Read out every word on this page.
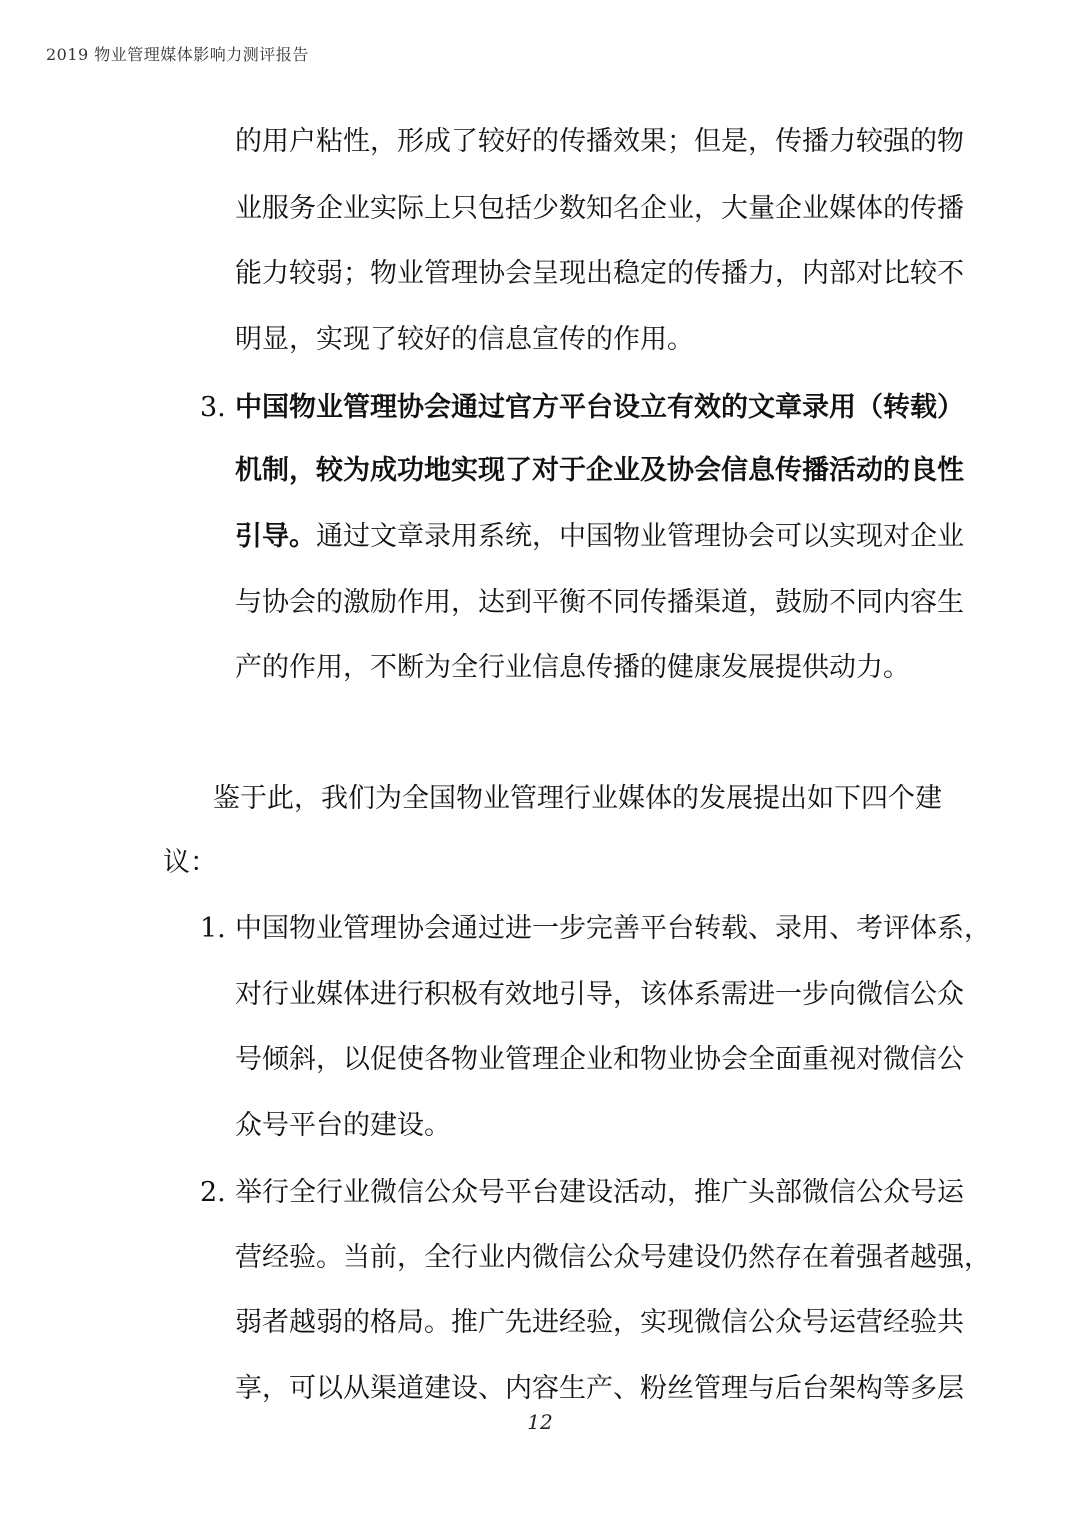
2019 物业管理媒体影响力测评报告
的用户粘性，形成了较好的传播效果；但是，传播力较强的物
业服务企业实际上只包括少数知名企业，大量企业媒体的传播
能力较弱；物业管理协会呈现出稳定的传播力，内部对比较不
明显，实现了较好的信息宣传的作用。
3. 中国物业管理协会通过官方平台设立有效的文章录用（转载）
机制，较为成功地实现了对于企业及协会信息传播活动的良性
引导。通过文章录用系统，中国物业管理协会可以实现对企业
与协会的激励作用，达到平衡不同传播渠道，鼓励不同内容生
产的作用，不断为全行业信息传播的健康发展提供动力。
鉴于此，我们为全国物业管理行业媒体的发展提出如下四个建
议：
1. 中国物业管理协会通过进一步完善平台转载、录用、考评体系，
对行业媒体进行积极有效地引导，该体系需进一步向微信公众
号倾斜，以促使各物业管理企业和物业协会全面重视对微信公
众号平台的建设。
2. 举行全行业微信公众号平台建设活动，推广头部微信公众号运
营经验。当前，全行业内微信公众号建设仍然存在着强者越强，
弱者越弱的格局。推广先进经验，实现微信公众号运营经验共
享，可以从渠道建设、内容生产、粉丝管理与后台架构等多层
12
